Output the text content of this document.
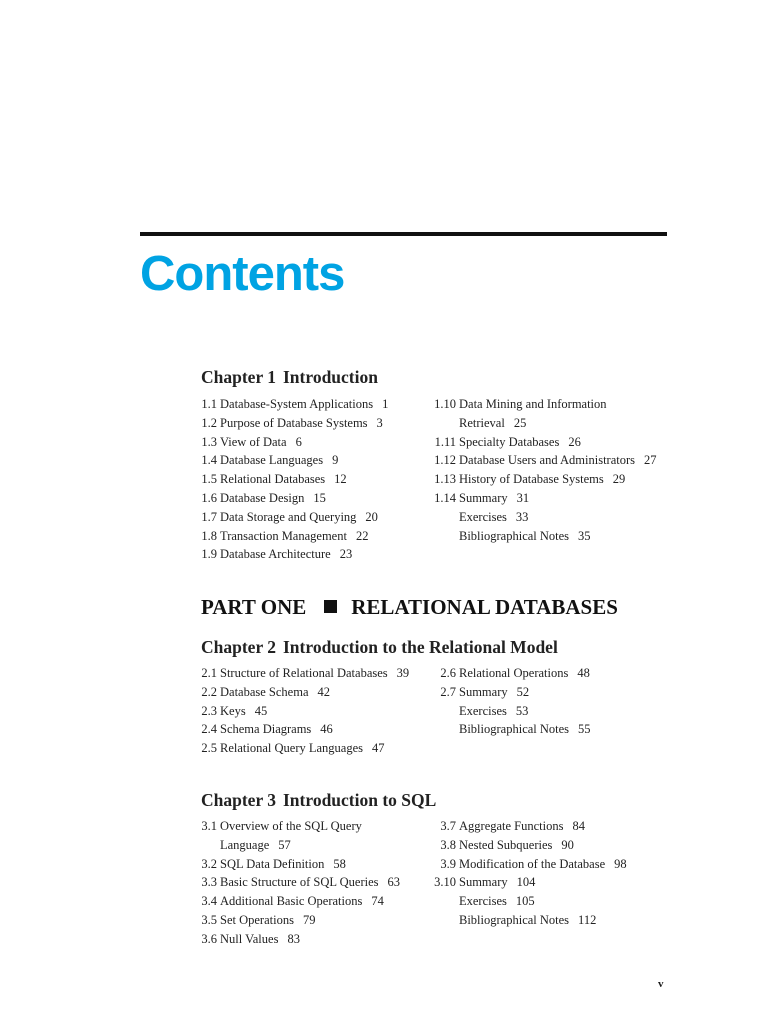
Contents
Chapter 1 Introduction
1.1 Database-System Applications 1
1.2 Purpose of Database Systems 3
1.3 View of Data 6
1.4 Database Languages 9
1.5 Relational Databases 12
1.6 Database Design 15
1.7 Data Storage and Querying 20
1.8 Transaction Management 22
1.9 Database Architecture 23
1.10 Data Mining and Information
Retrieval 25
1.11 Specialty Databases 26
1.12 Database Users and Administrators 27
1.13 History of Database Systems 29
1.14 Summary 31
Exercises 33
Bibliographical Notes 35
PART ONE RELATIONAL DATABASES
Chapter 2 Introduction to the Relational Model
2.1 Structure of Relational Databases 39
2.2 Database Schema 42
2.3 Keys 45
2.4 Schema Diagrams 46
2.5 Relational Query Languages 47
2.6 Relational Operations 48
2.7 Summary 52
Exercises 53
Bibliographical Notes 55
Chapter 3 Introduction to SQL
3.1 Overview of the SQL Query
Language 57
3.2 SQL Data Definition 58
3.3 Basic Structure of SQL Queries 63
3.4 Additional Basic Operations 74
3.5 Set Operations 79
3.6 Null Values 83
3.7 Aggregate Functions 84
3.8 Nested Subqueries 90
3.9 Modification of the Database 98
3.10 Summary 104
Exercises 105
Bibliographical Notes 112
v
